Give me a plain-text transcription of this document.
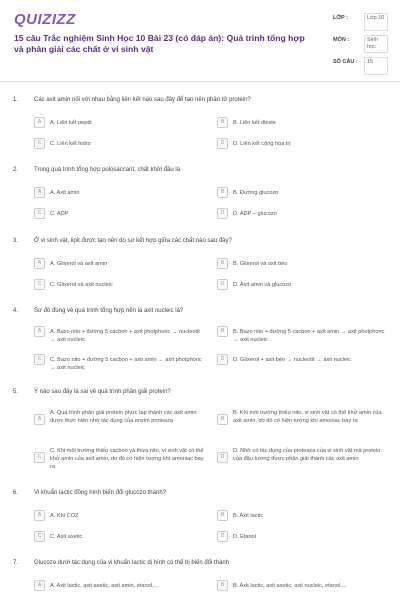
QUIZIZZ
15 câu Trắc nghiệm Sinh Học 10 Bài 23 (có đáp án): Quá trình tổng hợp và phân giải các chất ở vi sinh vật
LỚP :	Lớp 10
MÔN :	Sinh học
SỐ CÂU :	15
1.	Các axit amin nối với nhau bằng liên kết nào sau đây để tạo nên phân tử protein?
A	A. Liên kết peptit	B	B. Liên kết dieste
C	C. Liên kết hidro	D	D. Liên kết cộng hóa trị
2.	Trong quá trình tổng hợp polosaccarit, chất khởi đầu là
A	A. Axit amin	B	B. Đường glucozo
C	C. ADP	D	D. ADP – glucozo
3.	Ở vi sinh vật, lipit được tạo nên do sự kết hợp giữa các chất nào sau đây?
A	A. Glixerol và axit amin	B	B. Glixerol và axit béo
C	C. Glixerol và axit nucleic	D	D. Axit amin và glucozo
4.	Sơ đồ đúng về quá trình tổng hợp nên là axit nucleic là?
A	A. Bazo nito + đường 5 cacbon + axit photphoric → nucleotit → axit nucleic
B	B. Bazo nito + đường 5 cacbon + axit amin → axit photphoric → axit nucleic
C	C. Bazo nito + đường 5 cacbon + axit amin → axit photphoric → axit nucleic
D	D. Glixerol + axit béo → nucleotit → axit nucleic
5.	Ý nào sau đây là sai về quá trình phân giải protein?
A
A. Quá trình phân giải protein phức tạp thành các axit amin được thực hiện nhờ tác dụng của enzim proteaza	B
B. Khi môi trường thiếu nito, vi sinh vật có thể khử amin của axit amin, do đó có hiện tượng khí amoniac bay ra
C
C. Khi môi trường thiếu cacbon và thừa nito, vi sinh vật có thể khử amin của axit amin, do đó có hiện tượng khí amoniac bay ra
D
D. Nhờ có tác dụng của proteaza của vi sinh vật mà protein của đậu tương được phân giải thành các axit amin
6.	Vi khuẩn lactic đồng hình biến đổi glucozo thành?
A	A. Khí CO2	B	B. Axit lactic
C	C. Axit axetic	D	D. Etanol
7.	Glucozo dưới tác dụng của vi khuẩn lactic dị hình có thể bị biến đổi thành
A	A. Axit lactic, axit axetic, axit amin, etanol,...	B	B. Axit lactic, axit axetic, axit nucleic, etanol,...
